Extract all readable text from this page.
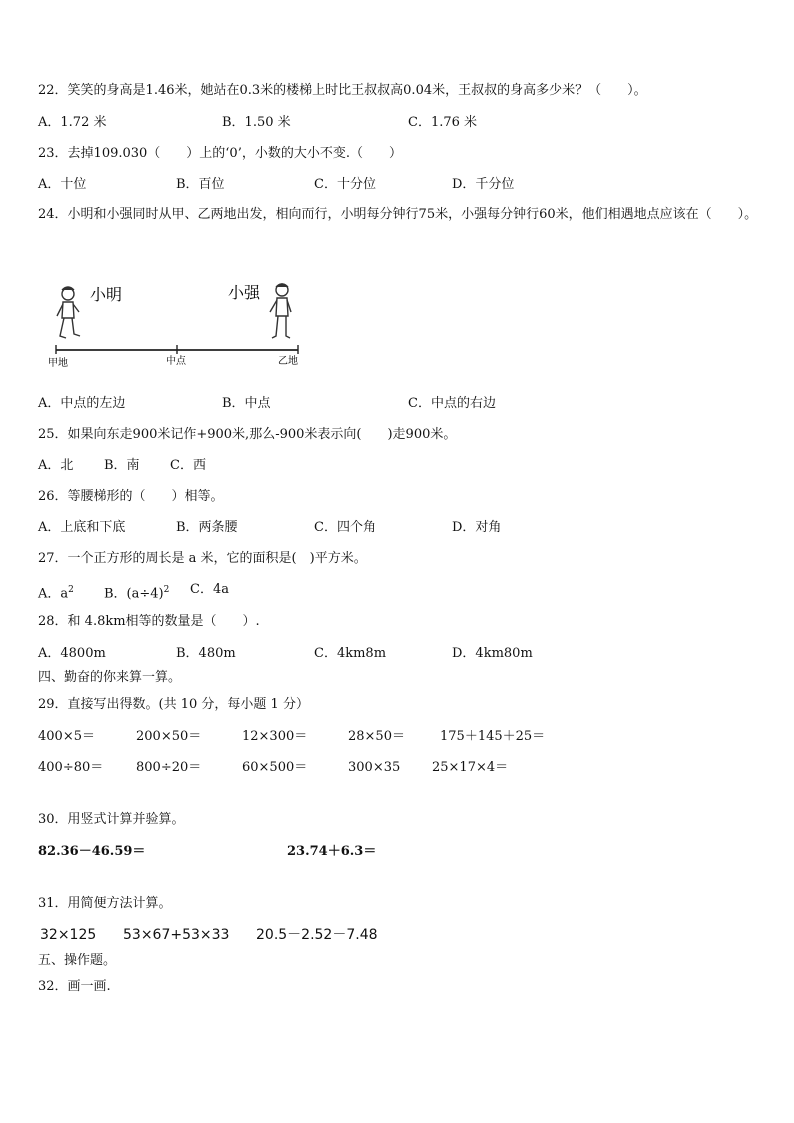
22．笑笑的身高是1.46米，她站在0.3米的楼梯上时比王叔叔高0.04米，王叔叔的身高多少米？（　　）。
A．1.72 米	B．1.50 米	C．1.76 米
23．去掉109.030（　　）上的‘0’，小数的大小不变.（　　）
A．十位	B．百位	C．十分位	D．千分位
24．小明和小强同时从甲、乙两地出发，相向而行，小明每分钟行75米，小强每分钟行60米，他们相遇地点应该在（　　）。
小明	小强
甲地	中点	乙地
A．中点的左边	B．中点	C．中点的右边
25．如果向东走900米记作+900米,那么-900米表示向(　　)走900米。
A．北 B．南 C．西
26．等腰梯形的（　　）相等。
A．上底和下底	B．两条腰	C．四个角	D．对角
27．一个正方形的周长是 a 米，它的面积是(　)平方米。
A．$a^2$ B．$(a\div 4)^2$ C．4a
28．和 4.8km相等的数量是（　　）.
A．4800m	B．480m	C．4km8m	D．4km80m
四、勤奋的你来算一算。
29．直接写出得数。(共 10 分，每小题 1 分）
400×5＝	200×50＝	12×300＝	28×50＝	175＋145＋25＝
400÷80＝	800÷20＝	60×500＝	300×35 25×17×4＝
30．用竖式计算并验算。
82.36－46.59＝	23.74＋6.3＝
31．用简便方法计算。
32×125 53×67+53×33 20.5－2.52－7.48
五、操作题。
32．画一画.
